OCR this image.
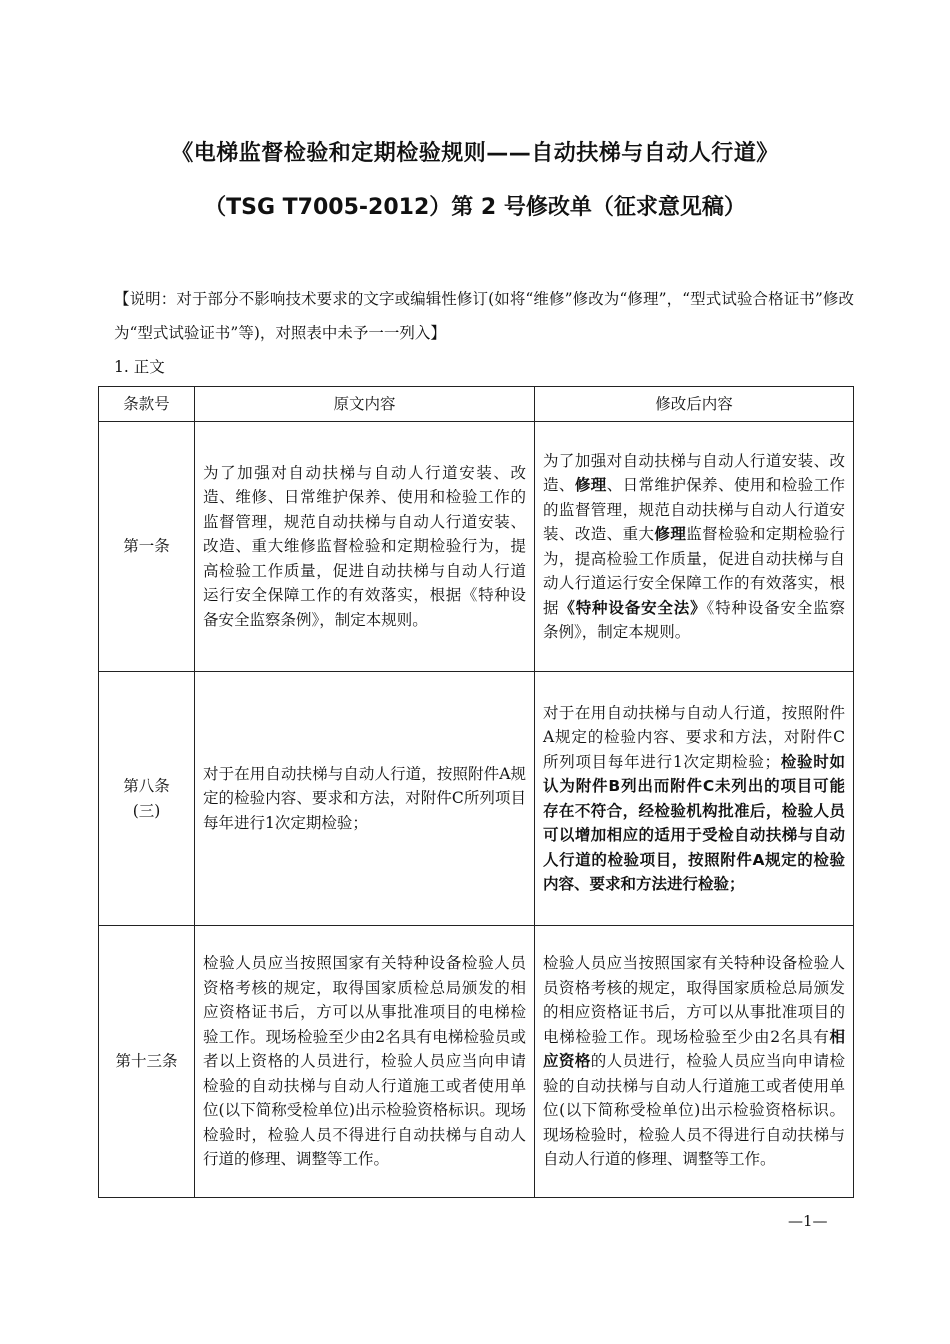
《电梯监督检验和定期检验规则——自动扶梯与自动人行道》
（TSG T7005-2012）第 2 号修改单（征求意见稿）
【说明：对于部分不影响技术要求的文字或编辑性修订(如将“维修”修改为“修理”，“型式试验合格证书”修改为“型式试验证书”等)，对照表中未予一一列入】
1. 正文
条款号	原文内容	修改后内容
第一条	为了加强对自动扶梯与自动人行道安装、改造、维修、日常维护保养、使用和检验工作的监督管理，规范自动扶梯与自动人行道安装、改造、重大维修监督检验和定期检验行为，提高检验工作质量，促进自动扶梯与自动人行道运行安全保障工作的有效落实，根据《特种设备安全监察条例》，制定本规则。	为了加强对自动扶梯与自动人行道安装、改造、修理、日常维护保养、使用和检验工作的监督管理，规范自动扶梯与自动人行道安装、改造、重大修理监督检验和定期检验行为，提高检验工作质量，促进自动扶梯与自动人行道运行安全保障工作的有效落实，根据《特种设备安全法》《特种设备安全监察条例》，制定本规则。

第八条
(三)	对于在用自动扶梯与自动人行道，按照附件A规定的检验内容、要求和方法，对附件C所列项目每年进行1次定期检验；	对于在用自动扶梯与自动人行道，按照附件A规定的检验内容、要求和方法，对附件C所列项目每年进行1次定期检验；检验时如认为附件B列出而附件C未列出的项目可能存在不符合，经检验机构批准后，检验人员可以增加相应的适用于受检自动扶梯与自动人行道的检验项目，按照附件A规定的检验内容、要求和方法进行检验；
第十三条	检验人员应当按照国家有关特种设备检验人员资格考核的规定，取得国家质检总局颁发的相应资格证书后，方可以从事批准项目的电梯检验工作。现场检验至少由2名具有电梯检验员或者以上资格的人员进行，检验人员应当向申请检验的自动扶梯与自动人行道施工或者使用单位(以下简称受检单位)出示检验资格标识。现场检验时，检验人员不得进行自动扶梯与自动人行道的修理、调整等工作。	检验人员应当按照国家有关特种设备检验人员资格考核的规定，取得国家质检总局颁发的相应资格证书后，方可以从事批准项目的电梯检验工作。现场检验至少由2名具有相应资格的人员进行，检验人员应当向申请检验的自动扶梯与自动人行道施工或者使用单位(以下简称受检单位)出示检验资格标识。现场检验时，检验人员不得进行自动扶梯与自动人行道的修理、调整等工作。
—1—
